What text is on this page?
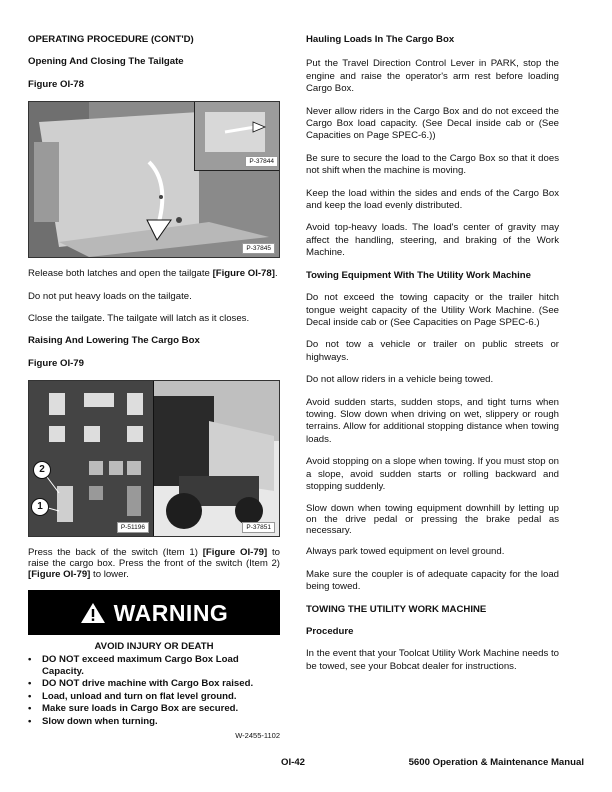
OPERATING PROCEDURE (CONT'D)
Opening And Closing The Tailgate
Figure OI-78
P-37844
P-37845

Release both latches and open the tailgate [Figure OI-78].

Do not put heavy loads on the tailgate.

Close the tailgate. The tailgate will latch as it closes.

Raising And Lowering The Cargo Box
Figure OI-79
2
1
P-51196	P-37851

Press the back of the switch (Item 1) [Figure OI-79] to raise the cargo box. Press the front of the switch (Item 2) [Figure OI-79] to lower.

WARNING
AVOID INJURY OR DEATH
• DO NOT exceed maximum Cargo Box Load Capacity.
• DO NOT drive machine with Cargo Box raised.
• Load, unload and turn on flat level ground.
• Make sure loads in Cargo Box are secured.
• Slow down when turning.
W-2455-1102
Hauling Loads In The Cargo Box

Put the Travel Direction Control Lever in PARK, stop the engine and raise the operator's arm rest before loading Cargo Box.

Never allow riders in the Cargo Box and do not exceed the Cargo Box load capacity. (See Decal inside cab or (See Capacities on Page SPEC-6.))

Be sure to secure the load to the Cargo Box so that it does not shift when the machine is moving.

Keep the load within the sides and ends of the Cargo Box and keep the load evenly distributed.

Avoid top-heavy loads. The load's center of gravity may affect the handling, steering, and braking of the Work Machine.

Towing Equipment With The Utility Work Machine

Do not exceed the towing capacity or the trailer hitch tongue weight capacity of the Utility Work Machine. (See Decal inside cab or (See Capacities on Page SPEC-6.)

Do not tow a vehicle or trailer on public streets or highways.

Do not allow riders in a vehicle being towed.

Avoid sudden starts, sudden stops, and tight turns when towing. Slow down when driving on wet, slippery or rough terrains. Allow for additional stopping distance when towing loads.

Avoid stopping on a slope when towing. If you must stop on a slope, avoid sudden starts or rolling backward and stopping suddenly.

Slow down when towing equipment downhill by letting up on the drive pedal or pressing the brake pedal as necessary.

Always park towed equipment on level ground.

Make sure the coupler is of adequate capacity for the load being towed.

TOWING THE UTILITY WORK MACHINE
Procedure

In the event that your Toolcat Utility Work Machine needs to be towed, see your Bobcat dealer for instructions.

OI-42	5600 Operation & Maintenance Manual
